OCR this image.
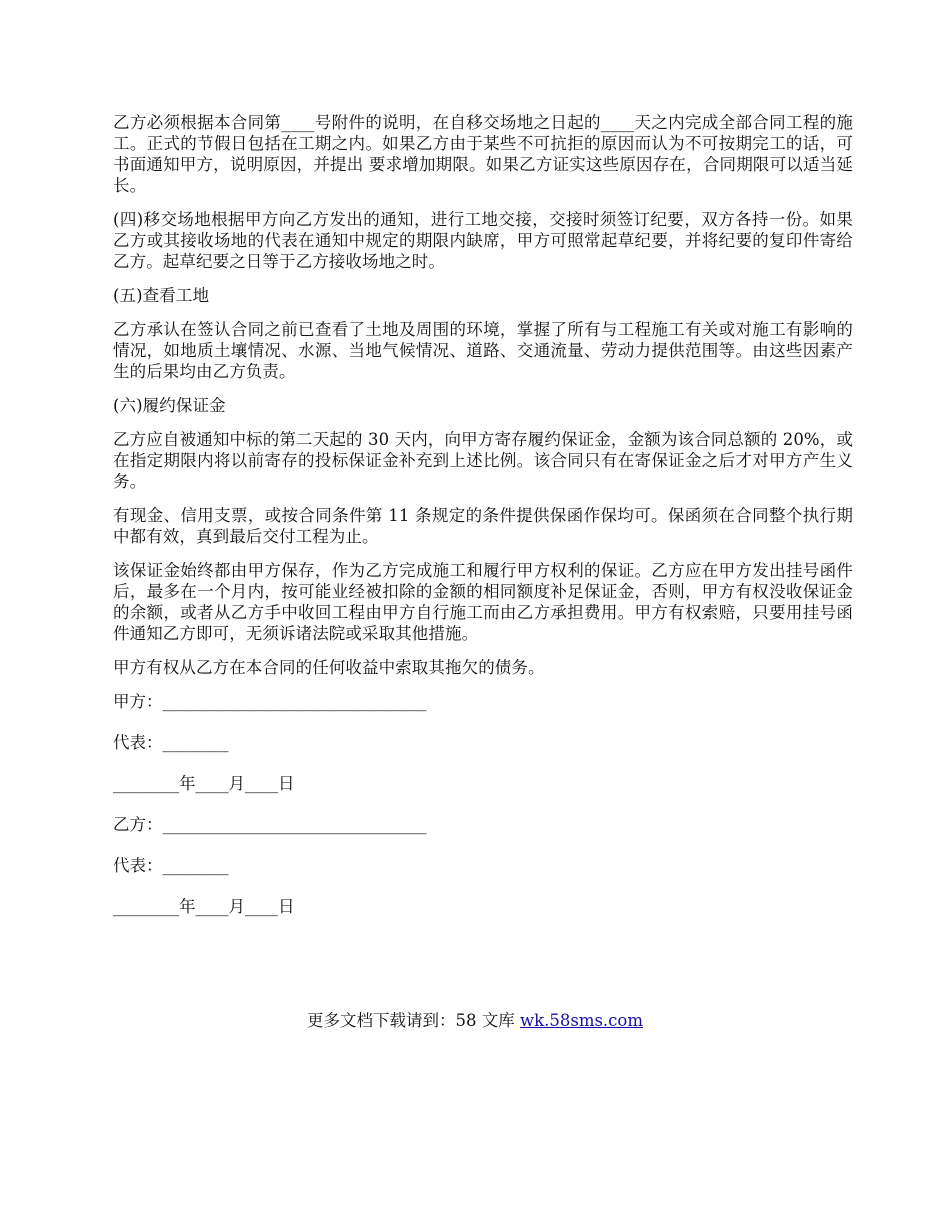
乙方必须根据本合同第____号附件的说明，在自移交场地之日起的____天之内完成全部合同工程的施工。正式的节假日包括在工期之内。如果乙方由于某些不可抗拒的原因而认为不可按期完工的话，可书面通知甲方，说明原因，并提出 要求增加期限。如果乙方证实这些原因存在，合同期限可以适当延长。

(四)移交场地根据甲方向乙方发出的通知，进行工地交接，交接时须签订纪要，双方各持一份。如果乙方或其接收场地的代表在通知中规定的期限内缺席，甲方可照常起草纪要，并将纪要的复印件寄给乙方。起草纪要之日等于乙方接收场地之时。

(五)查看工地

乙方承认在签认合同之前已查看了土地及周围的环境，掌握了所有与工程施工有关或对施工有影响的情况，如地质土壤情况、水源、当地气候情况、道路、交通流量、劳动力提供范围等。由这些因素产生的后果均由乙方负责。

(六)履约保证金

乙方应自被通知中标的第二天起的 30 天内，向甲方寄存履约保证金，金额为该合同总额的 20%，或在指定期限内将以前寄存的投标保证金补充到上述比例。该合同只有在寄保证金之后才对甲方产生义务。

有现金、信用支票，或按合同条件第 11 条规定的条件提供保函作保均可。保函须在合同整个执行期中都有效，真到最后交付工程为止。

该保证金始终都由甲方保存，作为乙方完成施工和履行甲方权利的保证。乙方应在甲方发出挂号函件后，最多在一个月内，按可能业经被扣除的金额的相同额度补足保证金，否则，甲方有权没收保证金的余额，或者从乙方手中收回工程由甲方自行施工而由乙方承担费用。甲方有权索赔，只要用挂号函件通知乙方即可，无须诉诸法院或采取其他措施。

甲方有权从乙方在本合同的任何收益中索取其拖欠的债务。

甲方：________________________________

代表：________

________年____月____日

乙方：________________________________

代表：________

________年____月____日

更多文档下载请到：58 文库 wk.58sms.com
